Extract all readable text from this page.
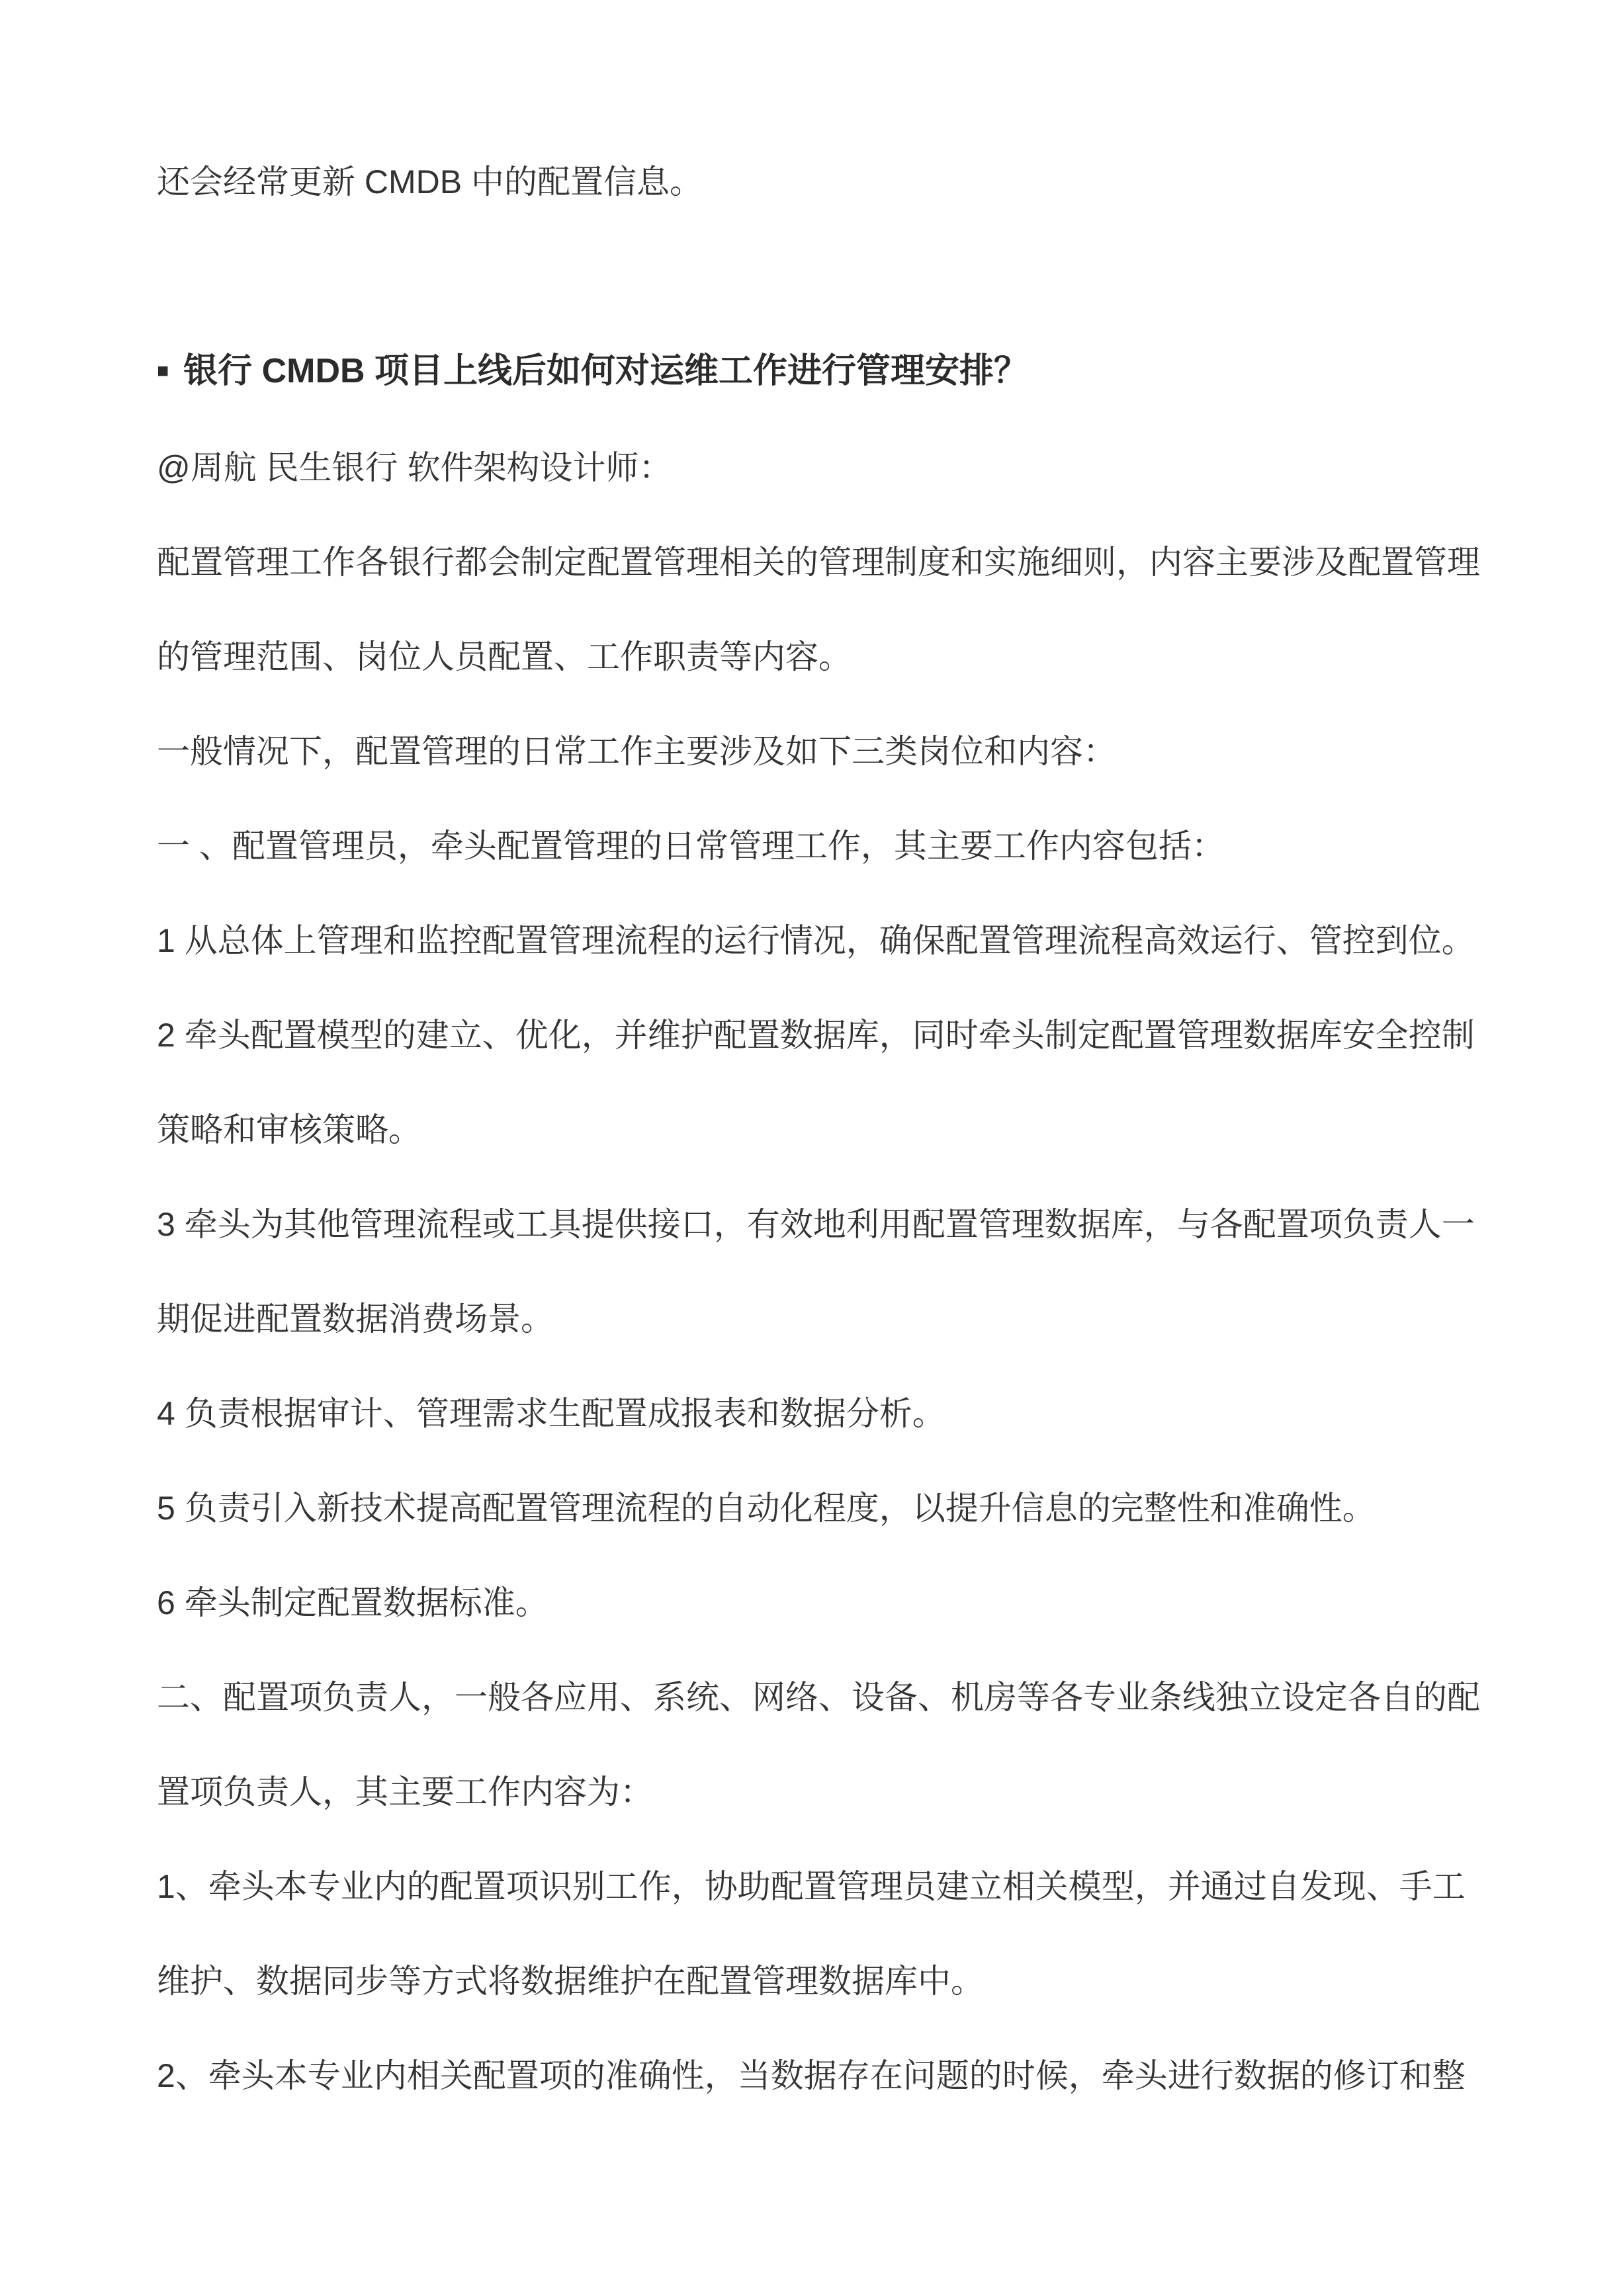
还会经常更新 CMDB 中的配置信息。

■ 银行 CMDB 项目上线后如何对运维工作进行管理安排？

@周航 民生银行 软件架构设计师：

配置管理工作各银行都会制定配置管理相关的管理制度和实施细则，内容主要涉及配置管理的管理范围、岗位人员配置、工作职责等内容。

一般情况下，配置管理的日常工作主要涉及如下三类岗位和内容：

一 、配置管理员，牵头配置管理的日常管理工作，其主要工作内容包括：

1 从总体上管理和监控配置管理流程的运行情况，确保配置管理流程高效运行、管控到位。

2 牵头配置模型的建立、优化，并维护配置数据库，同时牵头制定配置管理数据库安全控制策略和审核策略。

3 牵头为其他管理流程或工具提供接口，有效地利用配置管理数据库，与各配置项负责人一期促进配置数据消费场景。

4 负责根据审计、管理需求生配置成报表和数据分析。

5 负责引入新技术提高配置管理流程的自动化程度，以提升信息的完整性和准确性。

6 牵头制定配置数据标准。

二、配置项负责人，一般各应用、系统、网络、设备、机房等各专业条线独立设定各自的配置项负责人，其主要工作内容为：

1、牵头本专业内的配置项识别工作，协助配置管理员建立相关模型，并通过自发现、手工维护、数据同步等方式将数据维护在配置管理数据库中。

2、牵头本专业内相关配置项的准确性，当数据存在问题的时候，牵头进行数据的修订和整
